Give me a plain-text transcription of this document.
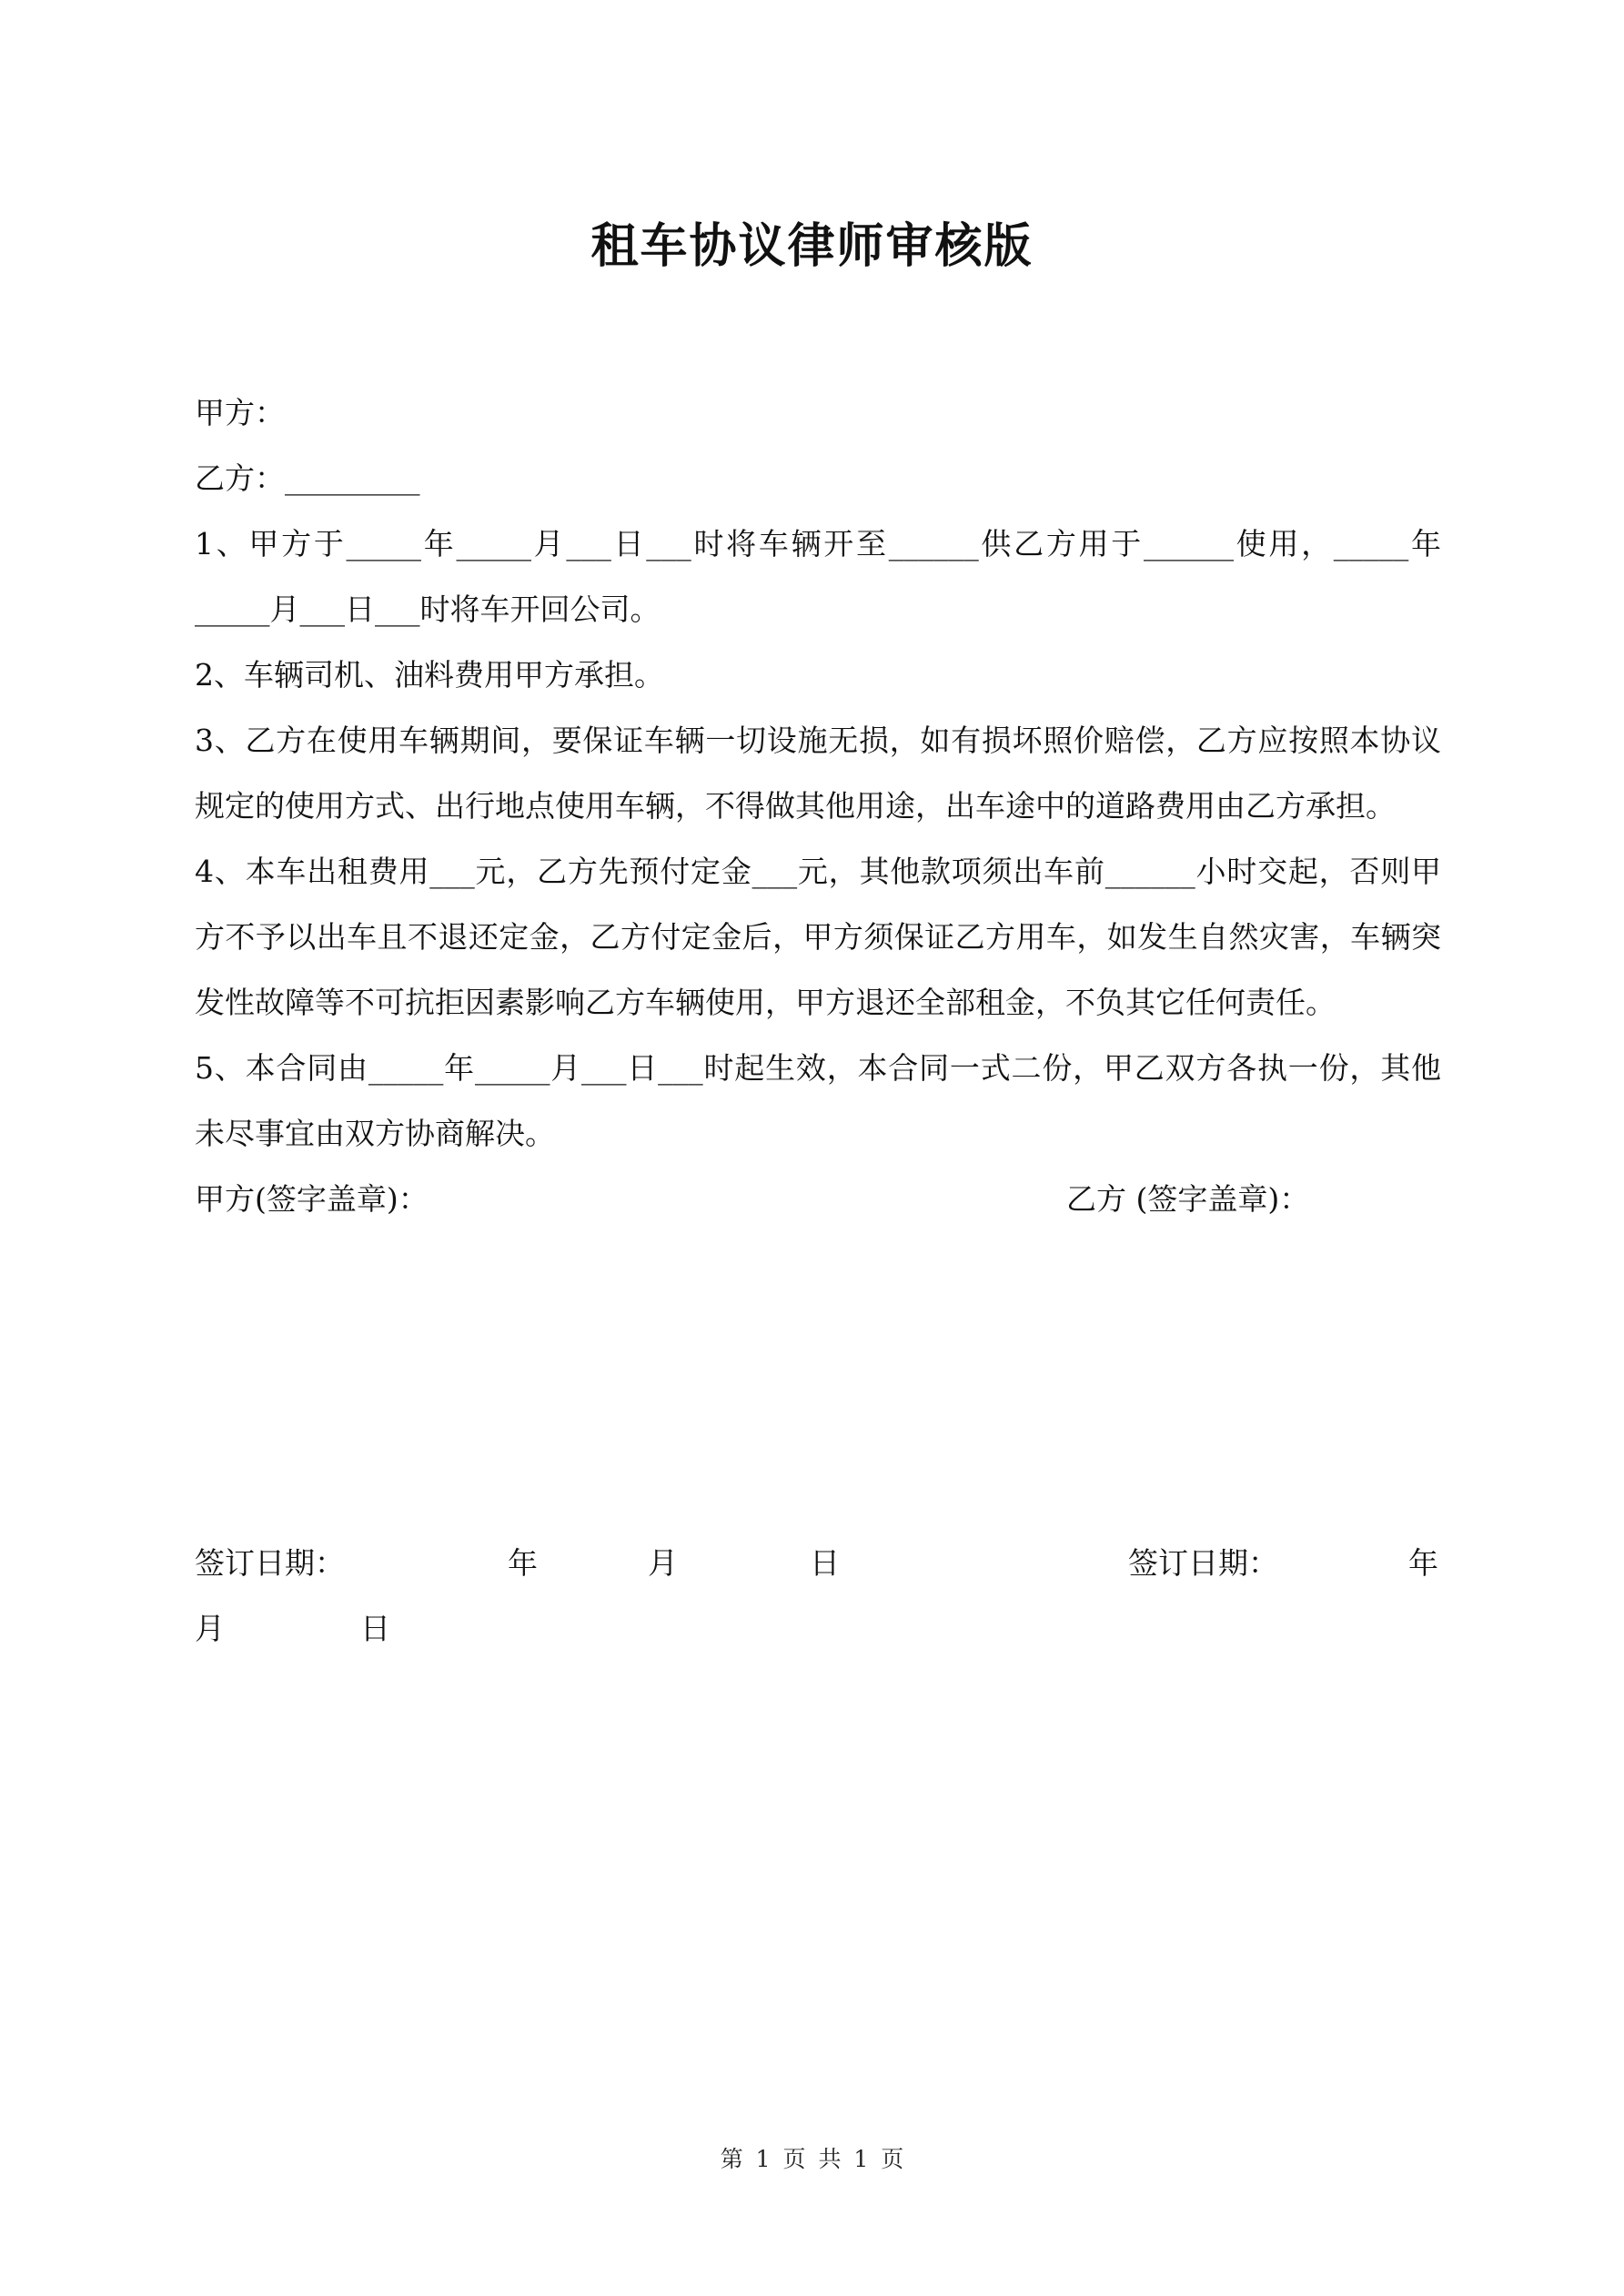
租车协议律师审核版

甲方：

乙方：_________

1、甲方于_____年_____月___日___时将车辆开至______供乙方用于______使用，_____年_____月___日___时将车开回公司。

2、车辆司机、油料费用甲方承担。

3、乙方在使用车辆期间，要保证车辆一切设施无损，如有损坏照价赔偿，乙方应按照本协议规定的使用方式、出行地点使用车辆，不得做其他用途，出车途中的道路费用由乙方承担。

4、本车出租费用___元，乙方先预付定金___元，其他款项须出车前______小时交起，否则甲方不予以出车且不退还定金，乙方付定金后，甲方须保证乙方用车，如发生自然灾害，车辆突发性故障等不可抗拒因素影响乙方车辆使用，甲方退还全部租金，不负其它任何责任。

5、本合同由_____年_____月___日___时起生效，本合同一式二份，甲乙双方各执一份，其他未尽事宜由双方协商解决。

甲方(签字盖章)：	乙方 (签字盖章)：
签订日期：	年	月	日	签订日期：	年
月	日
第 1 页 共 1 页
